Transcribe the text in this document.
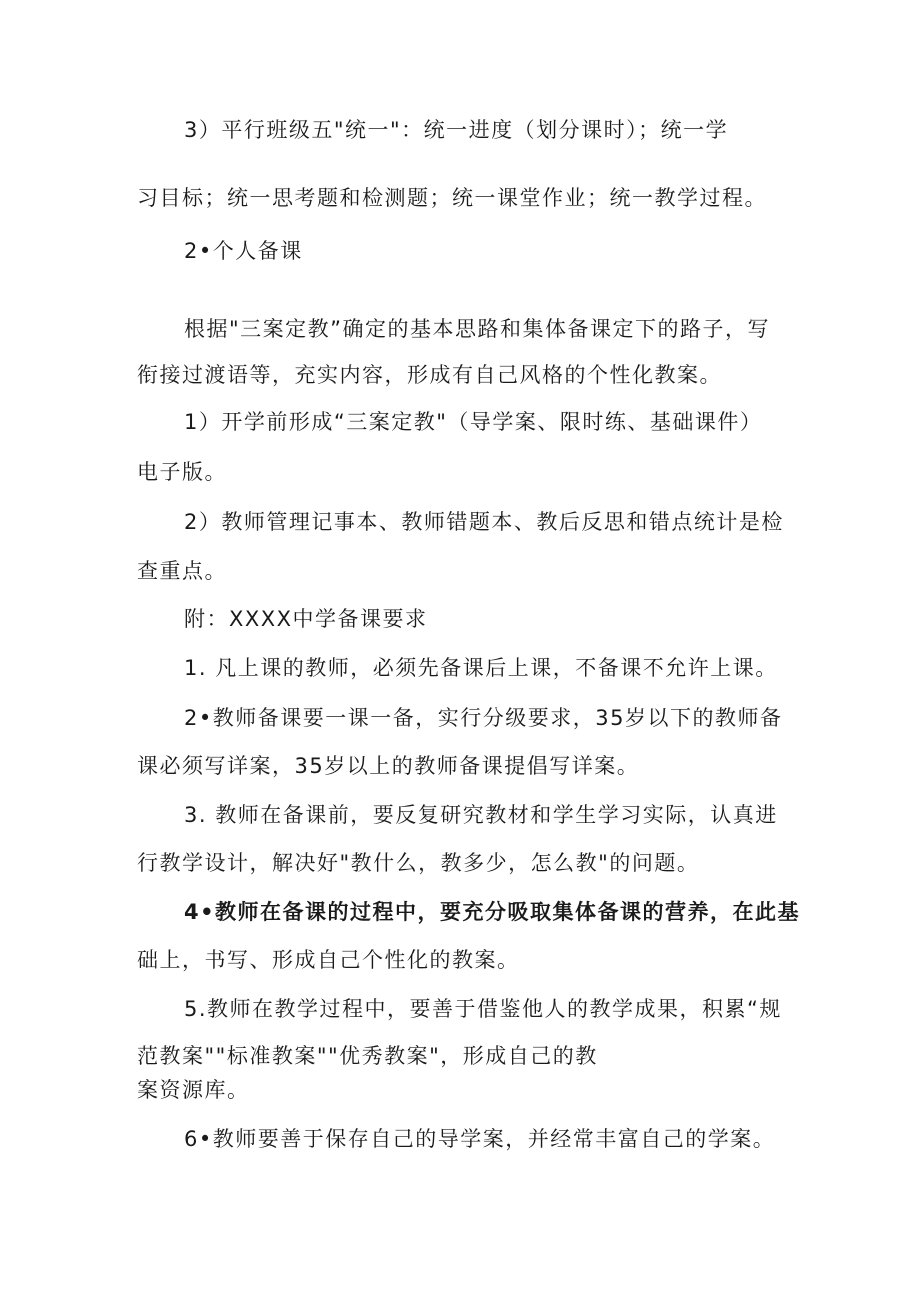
3）平行班级五"统一"：统一进度（划分课时）；统一学
习目标；统一思考题和检测题；统一课堂作业；统一教学过程。
2•个人备课
根据"三案定教”确定的基本思路和集体备课定下的路子，写
衔接过渡语等，充实内容，形成有自己风格的个性化教案。
1）开学前形成“三案定教"（导学案、限时练、基础课件）
电子版。
2）教师管理记事本、教师错题本、教后反思和错点统计是检
查重点。
附：XXXX中学备课要求
1. 凡上课的教师，必须先备课后上课，不备课不允许上课。
2•教师备课要一课一备，实行分级要求，35岁以下的教师备
课必须写详案，35岁以上的教师备课提倡写详案。
3. 教师在备课前，要反复研究教材和学生学习实际，认真进
行教学设计，解决好"教什么，教多少，怎么教"的问题。
4•教师在备课的过程中，要充分吸取集体备课的营养，在此基
础上，书写、形成自己个性化的教案。
5.教师在教学过程中，要善于借鉴他人的教学成果，积累“规
范教案""标准教案""优秀教案"，形成自己的教
案资源库。
6•教师要善于保存自己的导学案，并经常丰富自己的学案。
